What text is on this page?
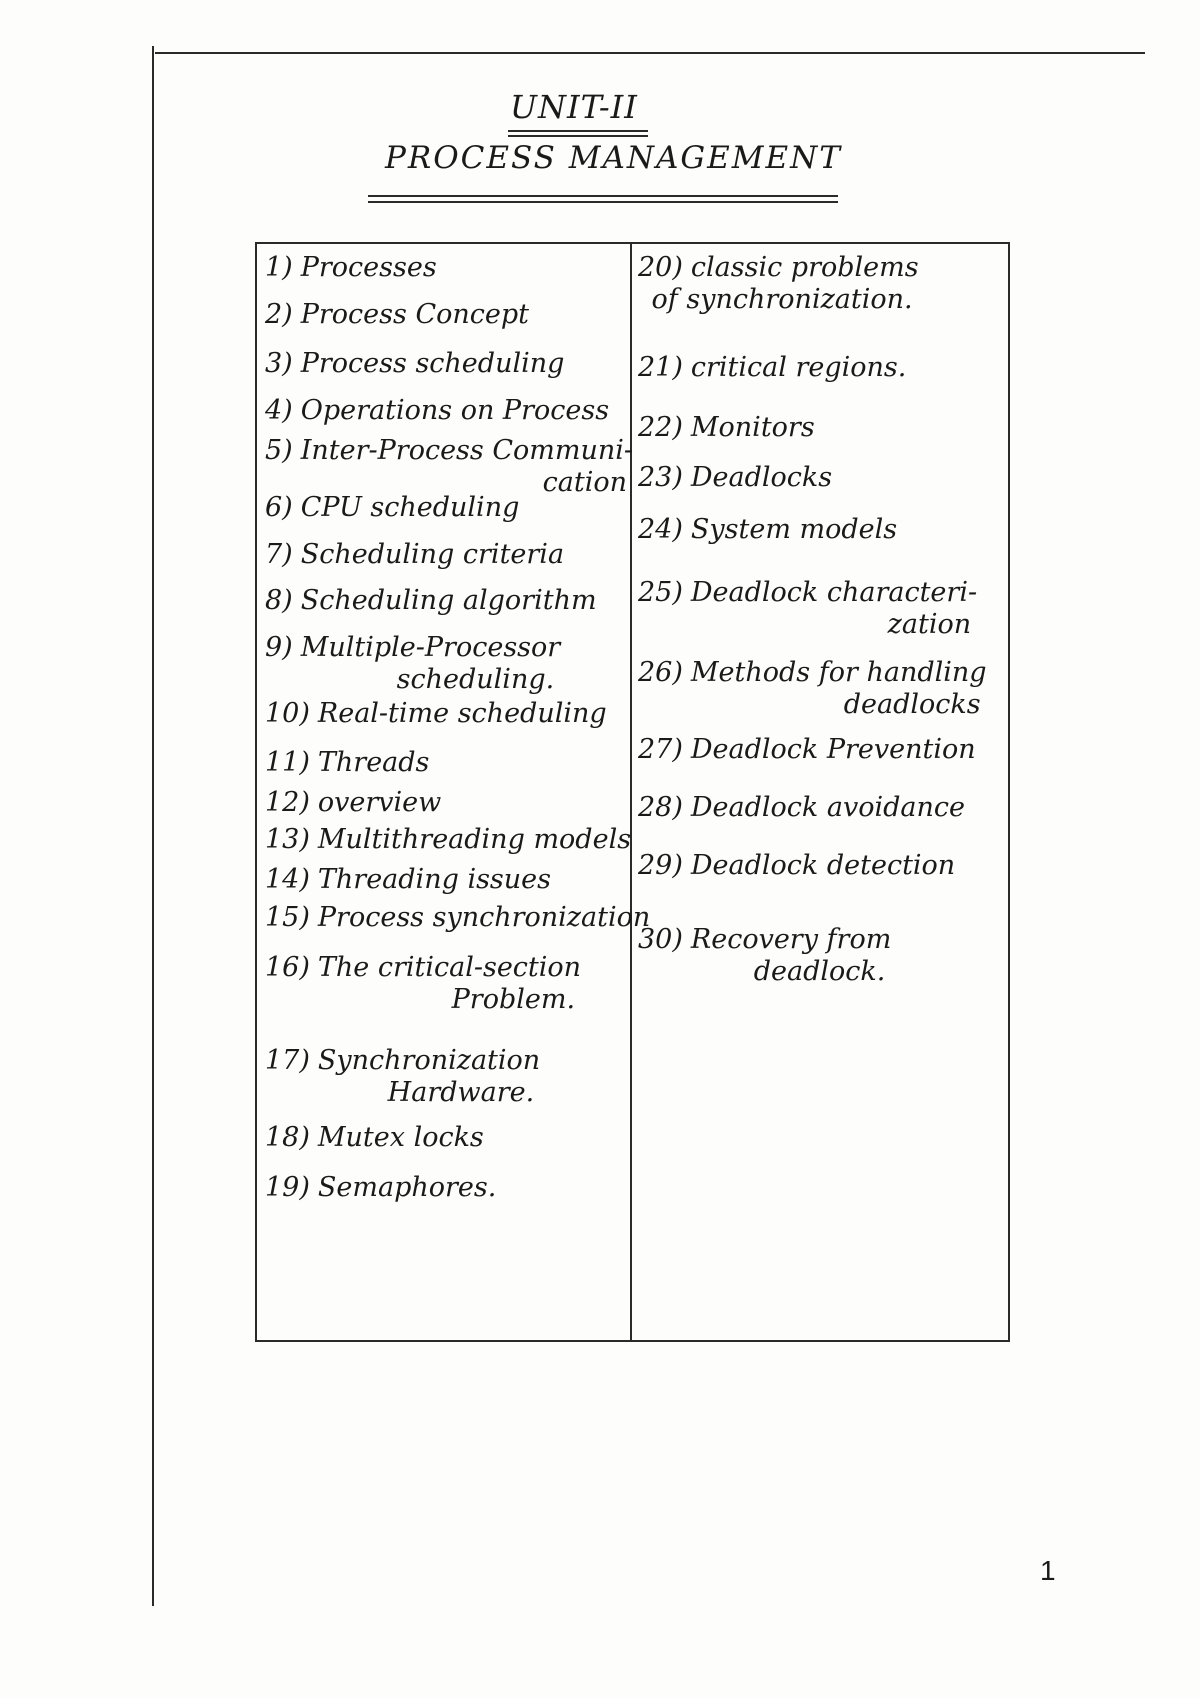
UNIT-II
PROCESS MANAGEMENT
1) Processes
2) Process Concept
3) Process scheduling
4) Operations on Process
5) Inter-Process Communi-
cation
6) CPU scheduling
7) Scheduling criteria
8) Scheduling algorithm
9) Multiple-Processor
scheduling.
10) Real-time scheduling
11) Threads
12) overview
13) Multithreading models
14) Threading issues
15) Process synchronization
16) The critical-section
Problem.
17) Synchronization
Hardware.
18) Mutex locks
19) Semaphores.
20) classic problems
of synchronization.
21) critical regions.
22) Monitors
23) Deadlocks
24) System models
25) Deadlock characteri-
zation
26) Methods for handling
deadlocks
27) Deadlock Prevention
28) Deadlock avoidance
29) Deadlock detection
30) Recovery from
deadlock.
1
